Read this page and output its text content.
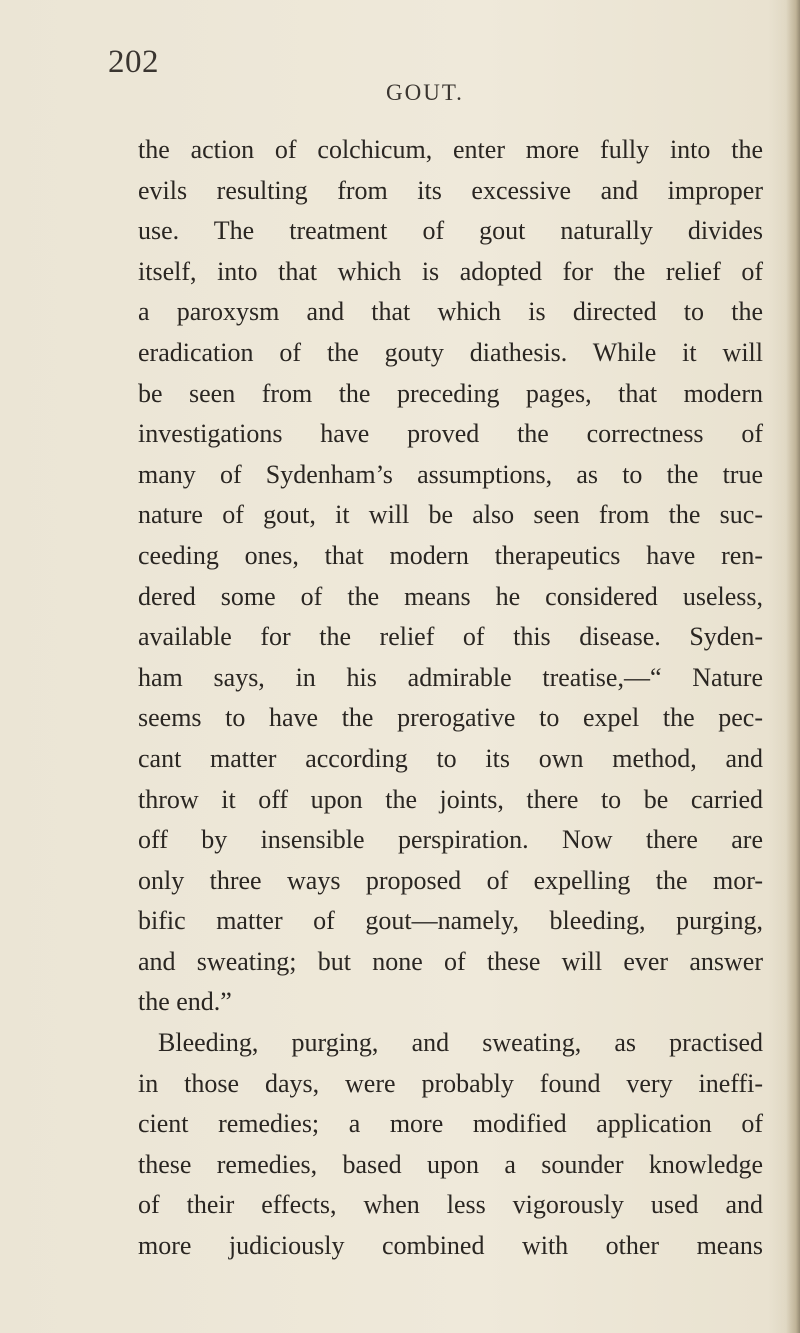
202
GOUT.
the action of colchicum, enter more fully into the
evils resulting from its excessive and improper
use. The treatment of gout naturally divides
itself, into that which is adopted for the relief of
a paroxysm and that which is directed to the
eradication of the gouty diathesis. While it will
be seen from the preceding pages, that modern
investigations have proved the correctness of
many of Sydenham’s assumptions, as to the true
nature of gout, it will be also seen from the suc-
ceeding ones, that modern therapeutics have ren-
dered some of the means he considered useless,
available for the relief of this disease. Syden-
ham says, in his admirable treatise,—“ Nature
seems to have the prerogative to expel the pec-
cant matter according to its own method, and
throw it off upon the joints, there to be carried
off by insensible perspiration. Now there are
only three ways proposed of expelling the mor-
bific matter of gout—namely, bleeding, purging,
and sweating; but none of these will ever answer
the end.”
Bleeding, purging, and sweating, as practised
in those days, were probably found very ineffi-
cient remedies; a more modified application of
these remedies, based upon a sounder knowledge
of their effects, when less vigorously used and
more judiciously combined with other means
